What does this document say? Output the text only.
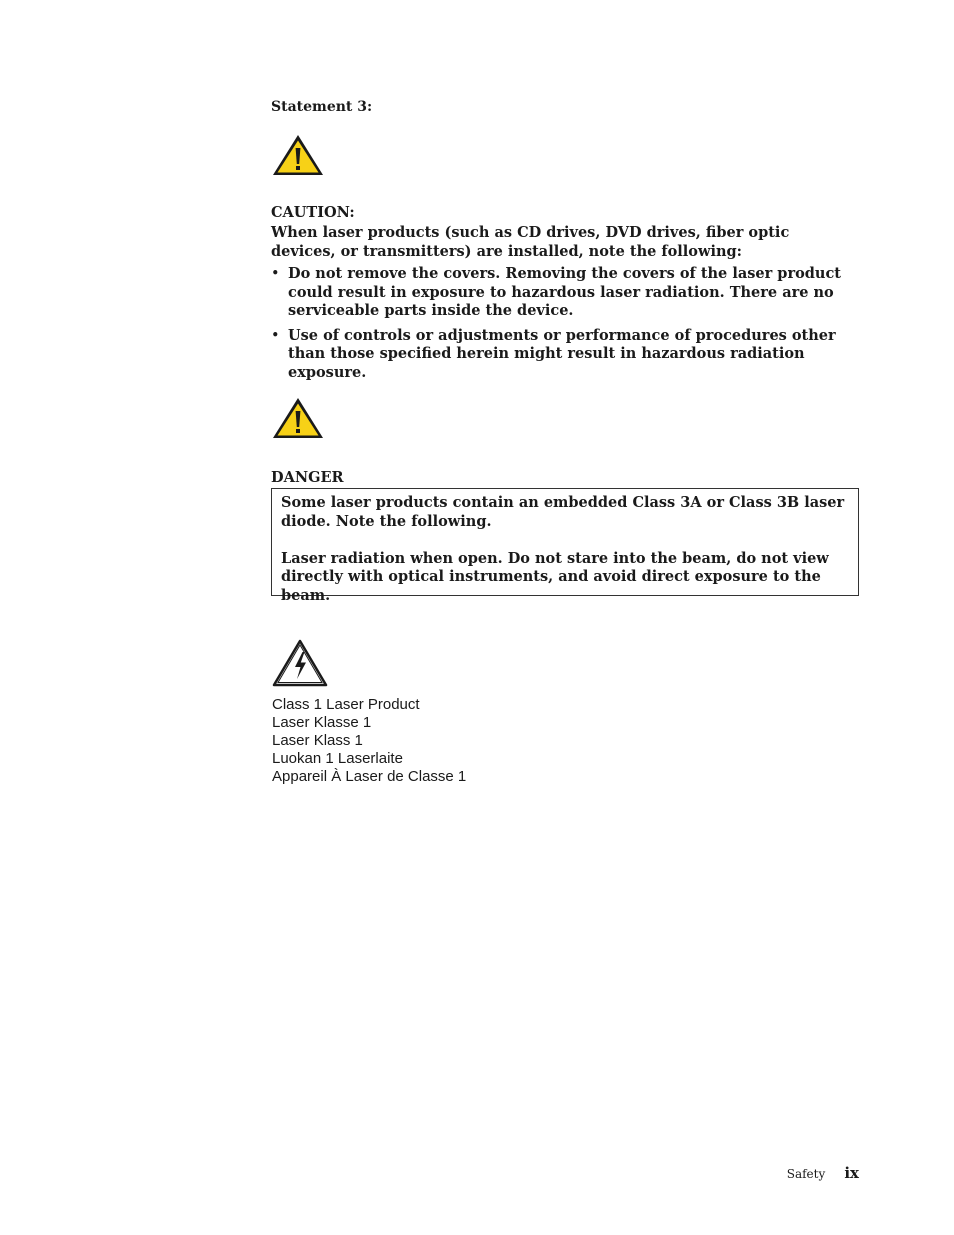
Statement 3:
CAUTION:
When laser products (such as CD drives, DVD drives, fiber optic devices, or transmitters) are installed, note the following:
• Do not remove the covers. Removing the covers of the laser product could result in exposure to hazardous laser radiation. There are no serviceable parts inside the device.
• Use of controls or adjustments or performance of procedures other than those specified herein might result in hazardous radiation exposure.
DANGER

Some laser products contain an embedded Class 3A or Class 3B laser diode. Note the following.

Laser radiation when open. Do not stare into the beam, do not view directly with optical instruments, and avoid direct exposure to the beam.

Class 1 Laser Product
Laser Klasse 1
Laser Klass 1
Luokan 1 Laserlaite
Appareil À Laser de Classe 1
Safety ix
